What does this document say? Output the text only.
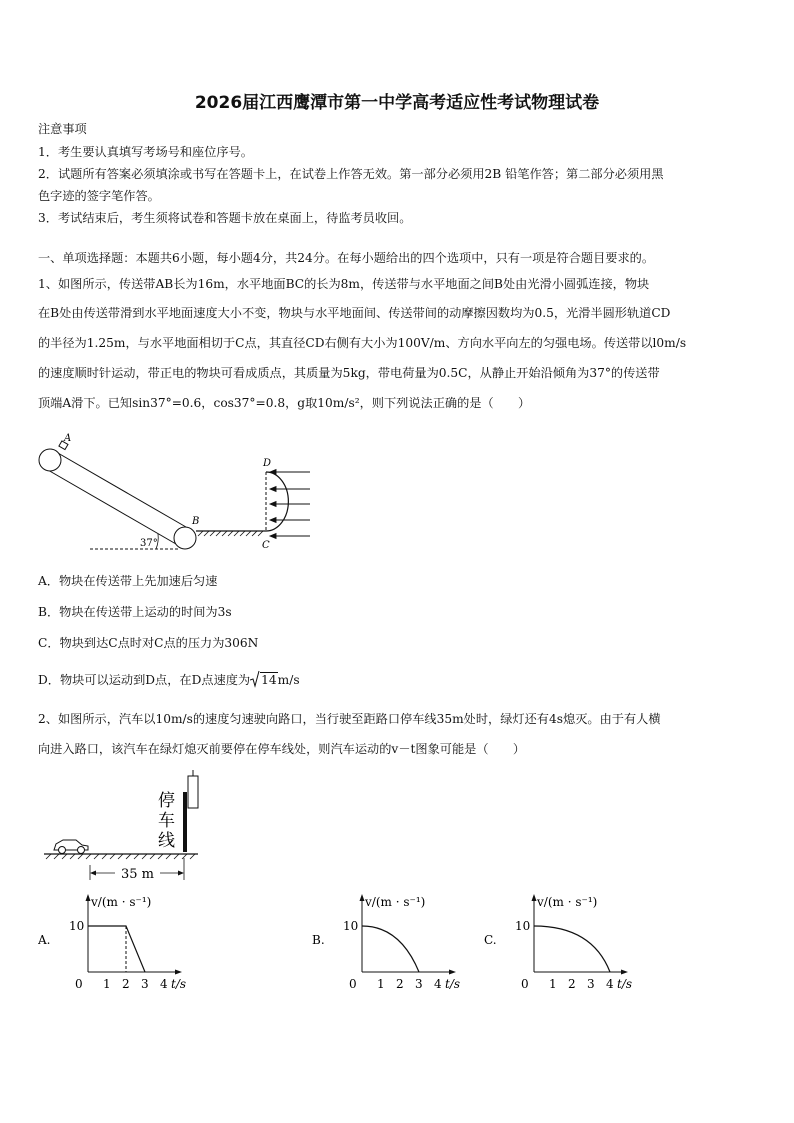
2026届江西鹰潭市第一中学高考适应性考试物理试卷
注意事项
1．考生要认真填写考场号和座位序号。
2．试题所有答案必须填涂或书写在答题卡上，在试卷上作答无效。第一部分必须用2B 铅笔作答；第二部分必须用黑
色字迹的签字笔作答。
3．考试结束后，考生须将试卷和答题卡放在桌面上，待监考员收回。
一、单项选择题：本题共6小题，每小题4分，共24分。在每小题给出的四个选项中，只有一项是符合题目要求的。
1、如图所示，传送带AB长为16m，水平地面BC的长为8m，传送带与水平地面之间B处由光滑小圆弧连接，物块
在B处由传送带滑到水平地面速度大小不变，物块与水平地面间、传送带间的动摩擦因数均为0.5，光滑半圆形轨道CD
的半径为1.25m，与水平地面相切于C点，其直径CD右侧有大小为100V/m、方向水平向左的匀强电场。传送带以l0m/s
的速度顺时针运动，带正电的物块可看成质点，其质量为5kg，带电荷量为0.5C，从静止开始沿倾角为37°的传送带
顶端A滑下。已知sin37°=0.6，cos37°=0.8，g取10m/s²，则下列说法正确的是（　　）
A
37°
B
D
C
A．物块在传送带上先加速后匀速
B．物块在传送带上运动的时间为3s
C．物块到达C点时对C点的压力为306N
D．物块可以运动到D点，在D点速度为 14m/s
2、如图所示，汽车以10m/s的速度匀速驶向路口，当行驶至距路口停车线35m处时，绿灯还有4s熄灭。由于有人横
向进入路口，该汽车在绿灯熄灭前要停在停车线处，则汽车运动的v－t图象可能是（　　）
停
车
线
35 m
A.
v/(m · s⁻¹)
t/s
10
0 1 2 3 4
B.
v/(m · s⁻¹)
t/s
10
0 1 2 3 4
C.
v/(m · s⁻¹)
t/s
10
0 1 2 3 4
